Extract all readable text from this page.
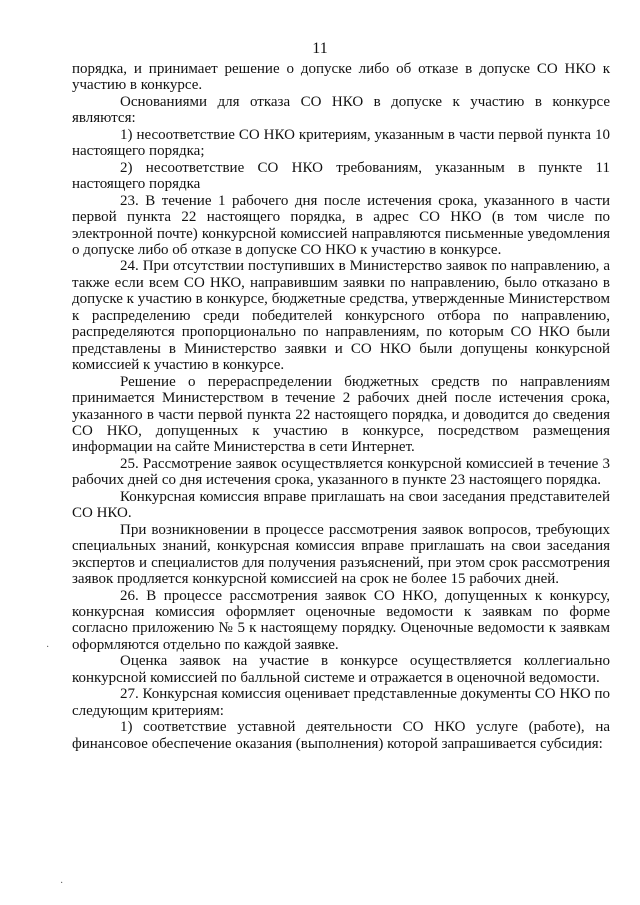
11

порядка, и принимает решение о допуске либо об отказе в допуске СО НКО к участию в конкурсе.

Основаниями для отказа СО НКО в допуске к участию в конкурсе являются:

1) несоответствие СО НКО критериям, указанным в части первой пункта 10 настоящего порядка;

2) несоответствие СО НКО требованиям, указанным в пункте 11 настоящего порядка

23. В течение 1 рабочего дня после истечения срока, указанного в части первой пункта 22 настоящего порядка, в адрес СО НКО (в том числе по электронной почте) конкурсной комиссией направляются письменные уведомления о допуске либо об отказе в допуске СО НКО к участию в конкурсе.

24. При отсутствии поступивших в Министерство заявок по направлению, а также если всем СО НКО, направившим заявки по направлению, было отказано в допуске к участию в конкурсе, бюджетные средства, утвержденные Министерством к распределению среди победителей конкурсного отбора по направлению, распределяются пропорционально по направлениям, по которым СО НКО были представлены в Министерство заявки и СО НКО были допущены конкурсной комиссией к участию в конкурсе.

Решение о перераспределении бюджетных средств по направлениям принимается Министерством в течение 2 рабочих дней после истечения срока, указанного в части первой пункта 22 настоящего порядка, и доводится до сведения СО НКО, допущенных к участию в конкурсе, посредством размещения информации на сайте Министерства в сети Интернет.

25. Рассмотрение заявок осуществляется конкурсной комиссией в течение 3 рабочих дней со дня истечения срока, указанного в пункте 23 настоящего порядка.

Конкурсная комиссия вправе приглашать на свои заседания представителей СО НКО.

При возникновении в процессе рассмотрения заявок вопросов, требующих специальных знаний, конкурсная комиссия вправе приглашать на свои заседания экспертов и специалистов для получения разъяснений, при этом срок рассмотрения заявок продляется конкурсной комиссией на срок не более 15 рабочих дней.

26. В процессе рассмотрения заявок СО НКО, допущенных к конкурсу, конкурсная комиссия оформляет оценочные ведомости к заявкам по форме согласно приложению № 5 к настоящему порядку. Оценочные ведомости к заявкам оформляются отдельно по каждой заявке.

Оценка заявок на участие в конкурсе осуществляется коллегиально конкурсной комиссией по балльной системе и отражается в оценочной ведомости.

27. Конкурсная комиссия оценивает представленные документы СО НКО по следующим критериям:

1) соответствие уставной деятельности СО НКО услуге (работе), на финансовое обеспечение оказания (выполнения) которой запрашивается субсидия:

·
·
